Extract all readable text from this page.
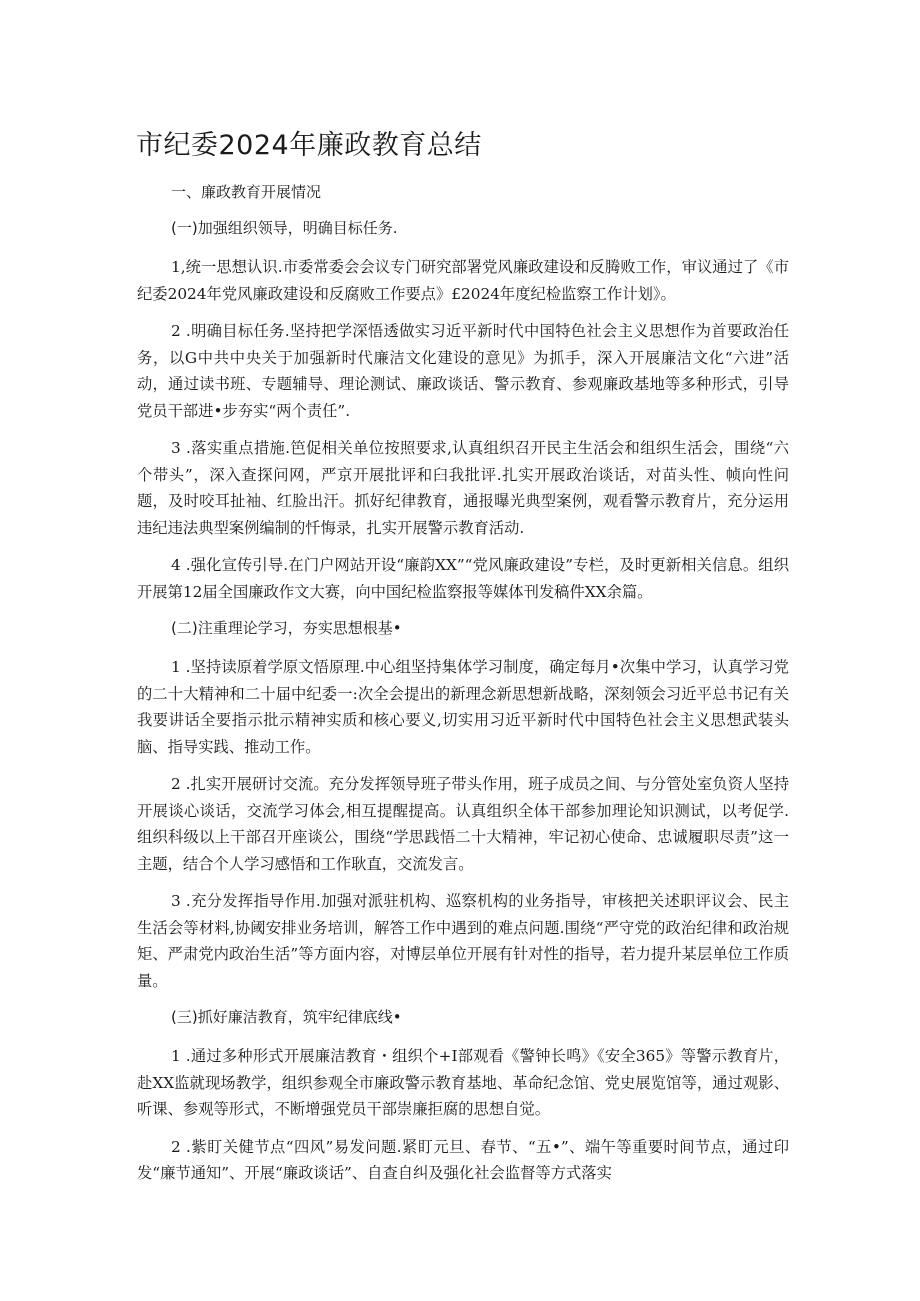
市纪委2024年廉政教育总结
一、廉政教育开展情况
(一)加强组织领导，明确目标任务.

1,统一思想认识.市委常委会会议专门研究部署党风廉政建设和反腾败工作，审议通过了《市纪委2024年党风廉政建设和反腐败工作要点》£2024年度纪检监察工作计划》。

2 .明确目标任务.坚持把学深悟透做实习近平新时代中国特色社会主义思想作为首要政治任务，以G中共中央关于加强新时代廉洁文化建设的意见》为抓手，深入开展廉洁文化“六进”活动，通过读书班、专题辅导、理论测试、廉政谈话、警示教育、参观廉政基地等多种形式，引导党员干部进•步夯实“两个责任”.

3 .落实重点措施.笆促相关单位按照要求,认真组织召开民主生活会和组织生活会，围绕“六个带头”，深入查探问网，严京开展批评和臼我批评.扎实开展政治谈话，对苗头性、帧向性问题，及时咬耳扯袖、红脸出汗。抓好纪律教育，通报曝光典型案例，观看警示教育片，充分运用违纪违法典型案例编制的忏悔录，扎实开展警示教育活动.

4 .强化宣传引导.在门户网站开设“廉韵XX”“党风廉政建设”专栏，及时更新相关信息。组织开展第12届全国廉政作文大赛，向中国纪检监察报等媒体刊发稿件XX余篇。

(二)注重理论学习，夯实思想根基•

1 .坚持读原着学原文悟原理.中心组坚持集体学习制度，确定每月•次集中学习，认真学习党的二十大精神和二十届中纪委一:次全会提出的新理念新思想新战略，深刻领会习近平总书记有关我要讲话全要指示批示精神实质和核心要义,切实用习近平新时代中国特色社会主义思想武装头脑、指导实践、推动工作。

2 .扎实开展研讨交流。充分发挥领导班子带头作用，班子成员之间、与分管处室负资人坚持开展谈心谈话，交流学习体会,相互提醒提高。认真组织全体干部参加理论知识测试，以考促学.组织科级以上干部召开座谈公，围绕“学思践悟二十大精神，牢记初心使命、忠诚履职尽责”这一主题，结合个人学习感悟和工作耿直，交流发言。

3 .充分发挥指导作用.加强对派驻机构、巡察机构的业务指导，审核把关述职评议会、民主生活会等材料,协阈安排业务培训，解答工作中遇到的难点问题.围绕“严守党的政治纪律和政治规矩、严肃党内政治生活”等方面内容，对博层单位开展有针对性的指导，若力提升某层单位工作质量。

(三)抓好廉洁教育，筑牢纪律底线•

1 .通过多种形式开展廉洁教育・组织个+I部观看《警钟长鸣》《安全365》等警示教育片，赴XX监就现场教学，组织参观全市廉政警示教育基地、革命纪念馆、党史展览馆等，通过观影、听课、参观等形式，不断增强党员干部崇廉拒腐的思想自觉。

2 .紫盯关健节点“四风”易发问题.紧盯元旦、春节、“五•”、端午等重要时间节点，通过印发“廉节通知”、开展“廉政谈话”、自查自纠及强化社会监督等方式落实
